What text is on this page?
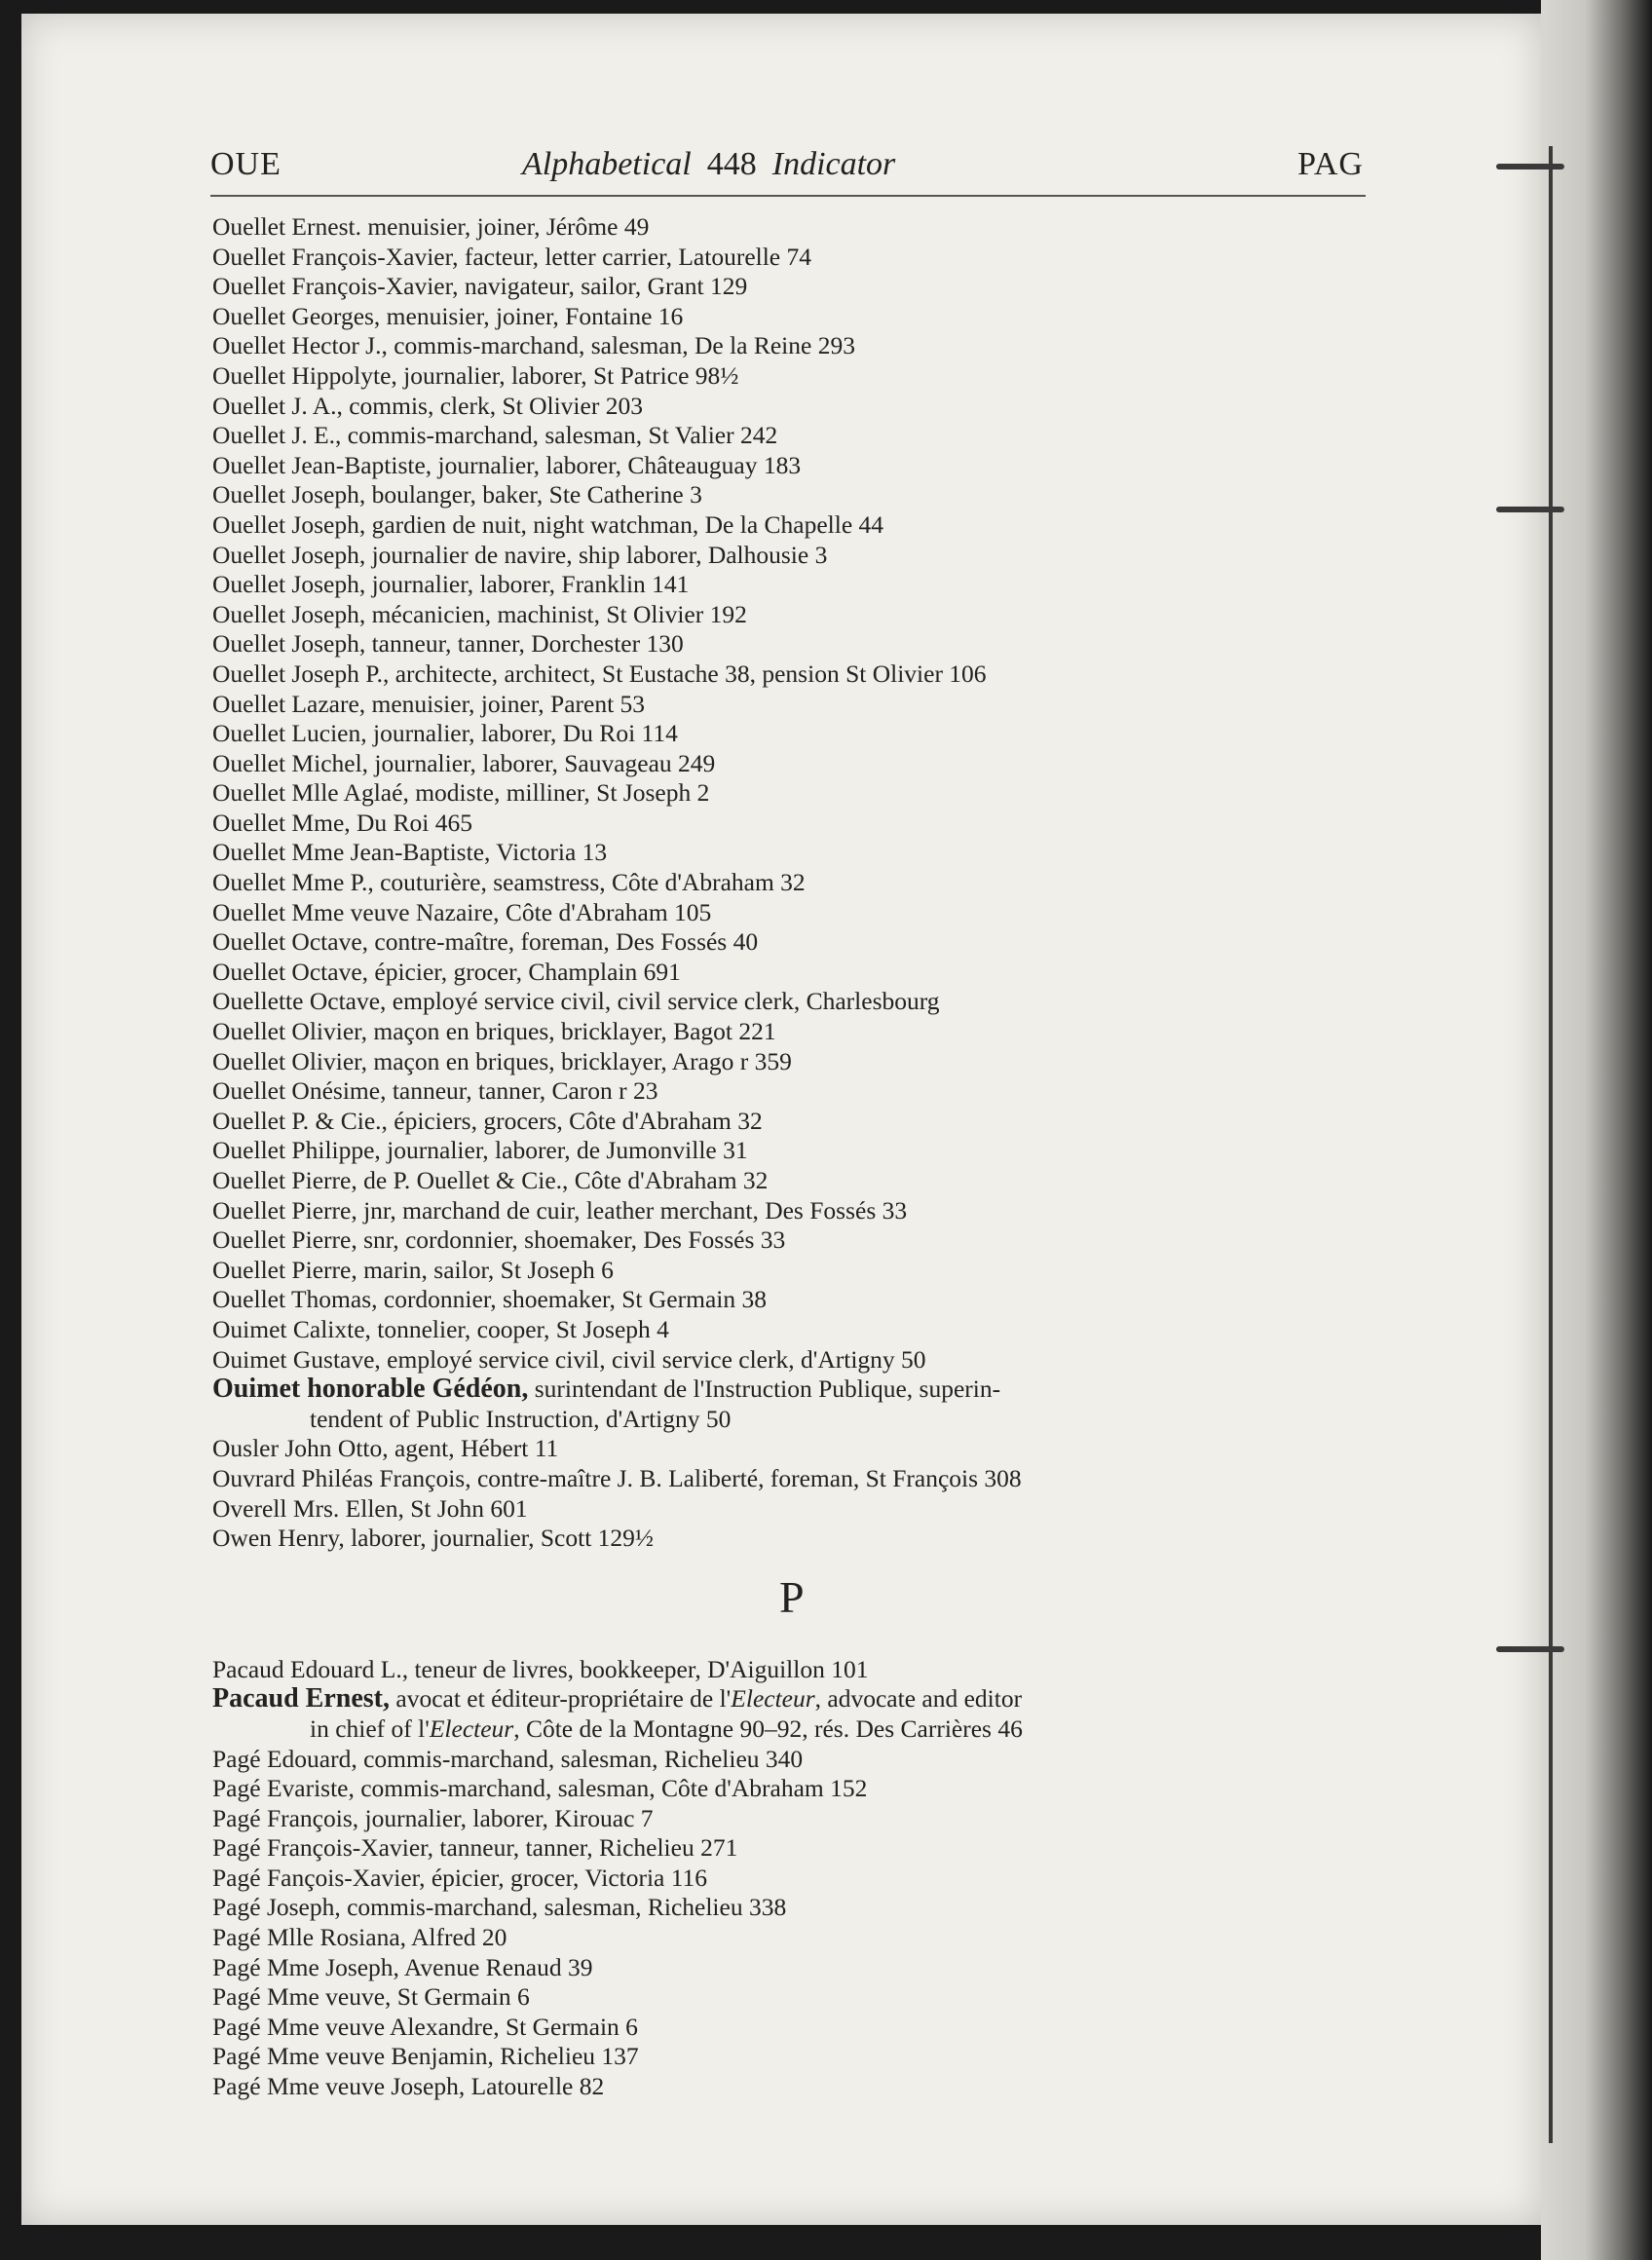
OUE	Alphabetical 448 Indicator	PAG
Ouellet Ernest. menuisier, joiner, Jérôme 49
Ouellet François-Xavier, facteur, letter carrier, Latourelle 74
Ouellet François-Xavier, navigateur, sailor, Grant 129
Ouellet Georges, menuisier, joiner, Fontaine 16
Ouellet Hector J., commis-marchand, salesman, De la Reine 293
Ouellet Hippolyte, journalier, laborer, St Patrice 98½
Ouellet J. A., commis, clerk, St Olivier 203
Ouellet J. E., commis-marchand, salesman, St Valier 242
Ouellet Jean-Baptiste, journalier, laborer, Châteauguay 183
Ouellet Joseph, boulanger, baker, Ste Catherine 3
Ouellet Joseph, gardien de nuit, night watchman, De la Chapelle 44
Ouellet Joseph, journalier de navire, ship laborer, Dalhousie 3
Ouellet Joseph, journalier, laborer, Franklin 141
Ouellet Joseph, mécanicien, machinist, St Olivier 192
Ouellet Joseph, tanneur, tanner, Dorchester 130
Ouellet Joseph P., architecte, architect, St Eustache 38, pension St Olivier 106
Ouellet Lazare, menuisier, joiner, Parent 53
Ouellet Lucien, journalier, laborer, Du Roi 114
Ouellet Michel, journalier, laborer, Sauvageau 249
Ouellet Mlle Aglaé, modiste, milliner, St Joseph 2
Ouellet Mme, Du Roi 465
Ouellet Mme Jean-Baptiste, Victoria 13
Ouellet Mme P., couturière, seamstress, Côte d'Abraham 32
Ouellet Mme veuve Nazaire, Côte d'Abraham 105
Ouellet Octave, contre-maître, foreman, Des Fossés 40
Ouellet Octave, épicier, grocer, Champlain 691
Ouellette Octave, employé service civil, civil service clerk, Charlesbourg
Ouellet Olivier, maçon en briques, bricklayer, Bagot 221
Ouellet Olivier, maçon en briques, bricklayer, Arago r 359
Ouellet Onésime, tanneur, tanner, Caron r 23
Ouellet P. & Cie., épiciers, grocers, Côte d'Abraham 32
Ouellet Philippe, journalier, laborer, de Jumonville 31
Ouellet Pierre, de P. Ouellet & Cie., Côte d'Abraham 32
Ouellet Pierre, jnr, marchand de cuir, leather merchant, Des Fossés 33
Ouellet Pierre, snr, cordonnier, shoemaker, Des Fossés 33
Ouellet Pierre, marin, sailor, St Joseph 6
Ouellet Thomas, cordonnier, shoemaker, St Germain 38
Ouimet Calixte, tonnelier, cooper, St Joseph 4
Ouimet Gustave, employé service civil, civil service clerk, d'Artigny 50
Ouimet honorable Gédéon, surintendant de l'Instruction Publique, superin-
tendent of Public Instruction, d'Artigny 50
Ousler John Otto, agent, Hébert 11
Ouvrard Philéas François, contre-maître J. B. Laliberté, foreman, St François 308
Overell Mrs. Ellen, St John 601
Owen Henry, laborer, journalier, Scott 129½
P
Pacaud Edouard L., teneur de livres, bookkeeper, D'Aiguillon 101
Pacaud Ernest, avocat et éditeur-propriétaire de l'Electeur, advocate and editor
in chief of l'Electeur, Côte de la Montagne 90–92, rés. Des Carrières 46
Pagé Edouard, commis-marchand, salesman, Richelieu 340
Pagé Evariste, commis-marchand, salesman, Côte d'Abraham 152
Pagé François, journalier, laborer, Kirouac 7
Pagé François-Xavier, tanneur, tanner, Richelieu 271
Pagé Fançois-Xavier, épicier, grocer, Victoria 116
Pagé Joseph, commis-marchand, salesman, Richelieu 338
Pagé Mlle Rosiana, Alfred 20
Pagé Mme Joseph, Avenue Renaud 39
Pagé Mme veuve, St Germain 6
Pagé Mme veuve Alexandre, St Germain 6
Pagé Mme veuve Benjamin, Richelieu 137
Pagé Mme veuve Joseph, Latourelle 82
